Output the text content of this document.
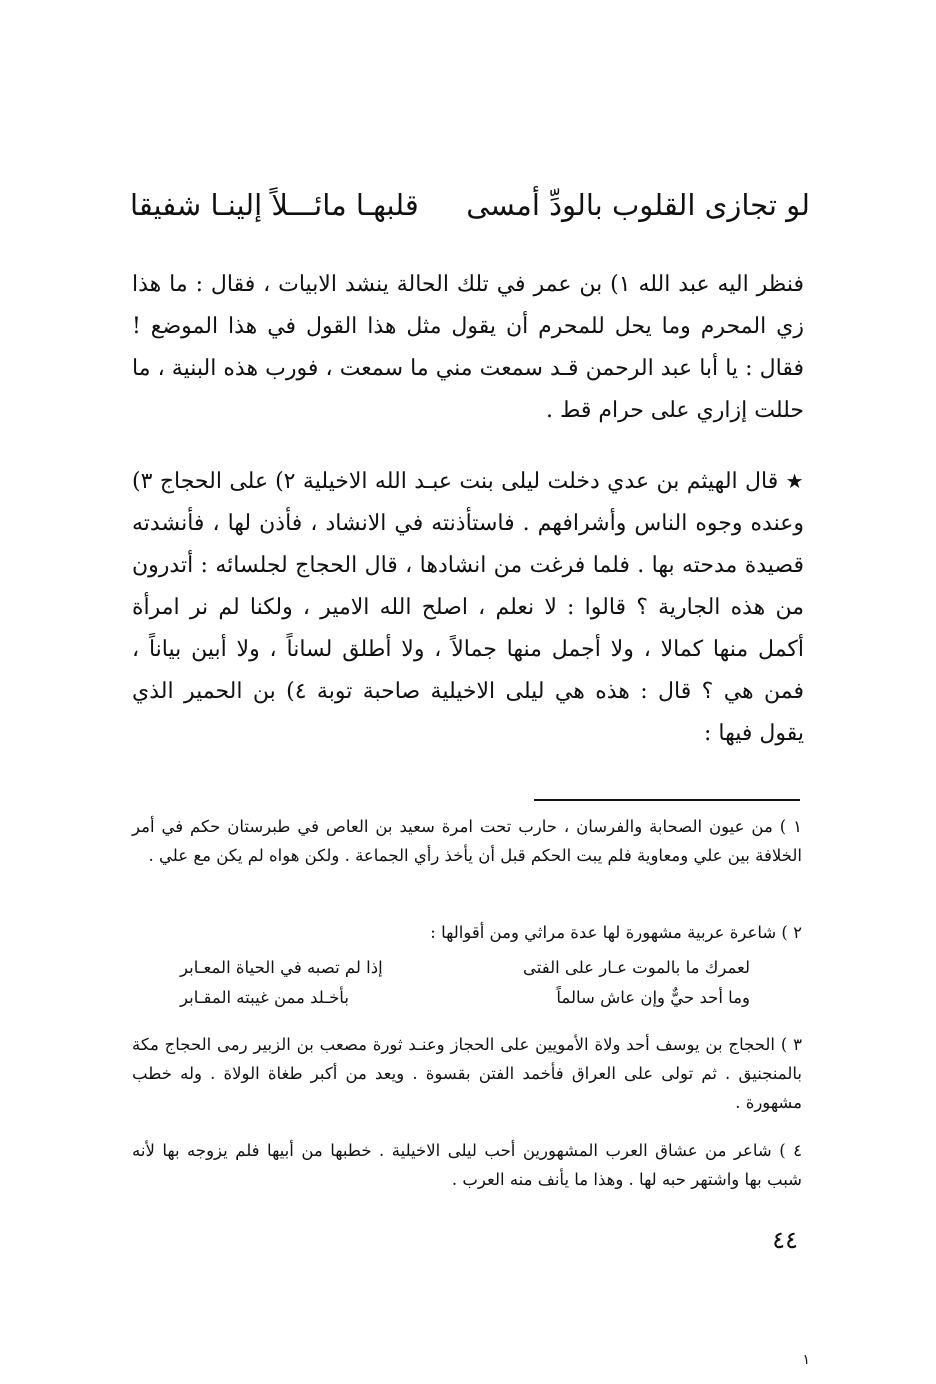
لو تجازى القلوب بالودِّ أمسى
قلبهـا مائـــلاً إلينـا شفيقا
فنظر اليه عبد الله ١) بن عمر في تلك الحالة ينشد الابيات ، فقال : ما هذا زي المحرم وما يحل للمحرم أن يقول مثل هذا القول في هذا الموضع ! فقال : يا أبا عبد الرحمن قـد سمعت مني ما سمعت ، فورب هذه البنية ، ما حللت إزاري على حرام قط .
★ قال الهيثم بن عدي دخلت ليلى بنت عبـد الله الاخيلية ٢) على الحجاج ٣) وعنده وجوه الناس وأشرافهم . فاستأذنته في الانشاد ، فأذن لها ، فأنشدته قصيدة مدحته بها . فلما فرغت من انشادها ، قال الحجاج لجلسائه : أتدرون من هذه الجارية ؟ قالوا : لا نعلم ، اصلح الله الامير ، ولكنا لم نر امرأة أكمل منها كمالا ، ولا أجمل منها جمالاً ، ولا أطلق لساناً ، ولا أبين بياناً ، فمن هي ؟ قال : هذه هي ليلى الاخيلية صاحبة توبة ٤) بن الحمير الذي يقول فيها :
١ ) من عيون الصحابة والفرسان ، حارب تحت امرة سعيد بن العاص في طبرستان حكم في أمر الخلافة بين علي ومعاوية فلم يبت الحكم قبل أن يأخذ رأي الجماعة . ولكن هواه لم يكن مع علي .
٢ ) شاعرة عربية مشهورة لها عدة مراثي ومن أقوالها :
لعمرك ما بالموت عـار على الفتى
إذا لم تصبه في الحياة المعـابر
وما أحد حيٌّ وإن عاش سالماً
بأخـلد ممن غيبته المقـابر
٣ ) الحجاج بن يوسف أحد ولاة الأمويين على الحجاز وعنـد ثورة مصعب بن الزبير رمى الحجاج مكة بالمنجنيق . ثم تولى على العراق فأخمد الفتن بقسوة . ويعد من أكبر طغاة الولاة . وله خطب مشهورة .
٤ ) شاعر من عشاق العرب المشهورين أحب ليلى الاخيلية . خطبها من أبيها فلم يزوجه بها لأنه شبب بها واشتهر حبه لها . وهذا ما يأنف منه العرب .
٤٤
١
